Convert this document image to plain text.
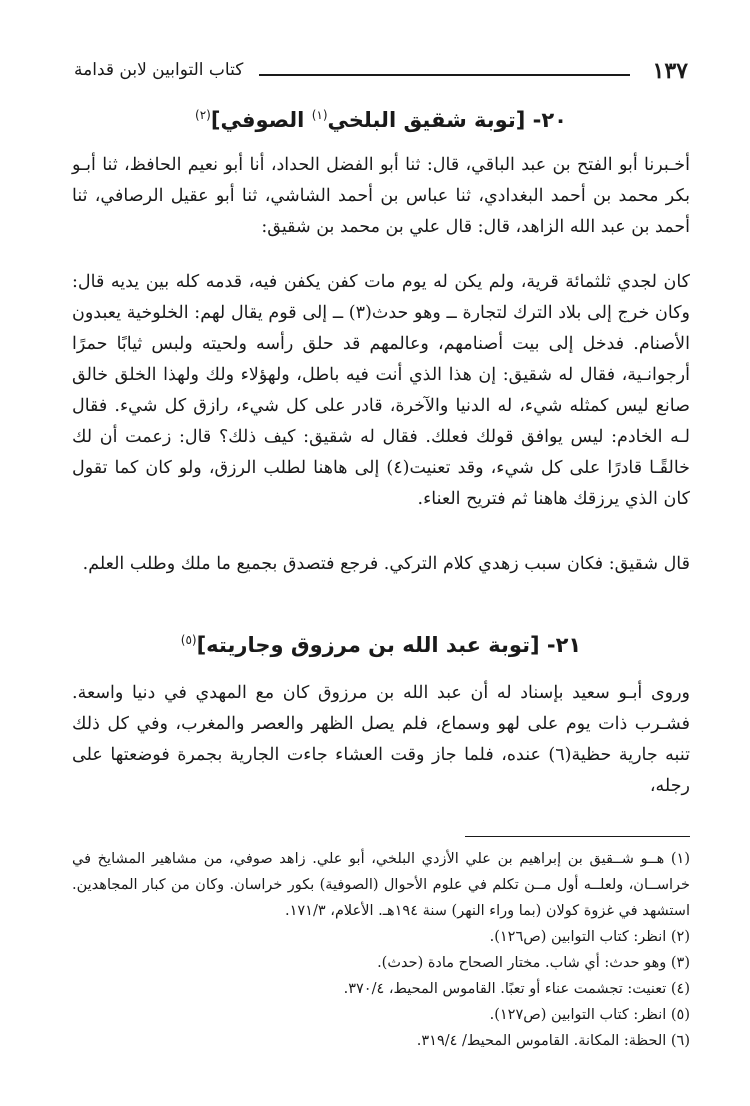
١٣٧
كتاب التوابين لابن قدامة
٢٠- [توبة شقيق البلخي$^{(١)}$ الصوفي]$^{(٢)}$

أخـبرنا أبو الفتح بن عبد الباقي، قال: ثنا أبو الفضل الحداد، أنا أبو نعيم الحافظ، ثنا أبـو بكر محمد بن أحمد البغدادي، ثنا عباس بن أحمد الشاشي، ثنا أبو عقيل الرصافي، ثنا أحمد بن عبد الله الزاهد، قال: قال علي بن محمد بن شقيق:

كان لجدي ثلثمائة قرية، ولم يكن له يوم مات كفن يكفن فيه، قدمه كله بين يديه قال: وكان خرج إلى بلاد الترك لتجارة ــ وهو حدث(٣) ــ إلى قوم يقال لهم: الخلوخية يعبدون الأصنام. فدخل إلى بيت أصنامهم، وعالمهم قد حلق رأسه ولحيته ولبس ثيابًا حمرًا أرجوانـية، فقال له شقيق: إن هذا الذي أنت فيه باطل، ولهؤلاء ولك ولهذا الخلق خالق صانع ليس كمثله شيء، له الدنيا والآخرة، قادر على كل شيء، رازق كل شيء. فقال لـه الخادم: ليس يوافق قولك فعلك. فقال له شقيق: كيف ذلك؟ قال: زعمت أن لك خالقًـا قادرًا على كل شيء، وقد تعنيت(٤) إلى هاهنا لطلب الرزق، ولو كان كما تقول كان الذي يرزقك هاهنا ثم فتريح العناء.

قال شقيق: فكان سبب زهدي كلام التركي. فرجع فتصدق بجميع ما ملك وطلب العلم.

٢١- [توبة عبد الله بن مرزوق وجاريته]$^{(٥)}$

وروى أبـو سعيد بإسناد له أن عبد الله بن مرزوق كان مع المهدي في دنيا واسعة. فشـرب ذات يوم على لهو وسماع، فلم يصل الظهر والعصر والمغرب، وفي كل ذلك تنبه جارية حظية(٦) عنده، فلما جاز وقت العشاء جاءت الجارية بجمرة فوضعتها على رجله،

(١) هــو شــقيق بن إبراهيم بن علي الأزدي البلخي، أبو علي. زاهد صوفي، من مشاهير المشايخ في خراســان، ولعلــه أول مــن تكلم في علوم الأحوال (الصوفية) بكور خراسان. وكان من كبار المجاهدين. استشهد في غزوة كولان (بما وراء النهر) سنة ١٩٤هـ. الأعلام، ١٧١/٣.

(٢) انظر: كتاب التوابين (ص١٢٦).

(٣) وهو حدث: أي شاب. مختار الصحاح مادة (حدث).

(٤) تعنيت: تجشمت عناء أو تعبًا. القاموس المحيط، ٣٧٠/٤.

(٥) انظر: كتاب التوابين (ص١٢٧).

(٦) الحظة: المكانة. القاموس المحيط/ ٣١٩/٤.
